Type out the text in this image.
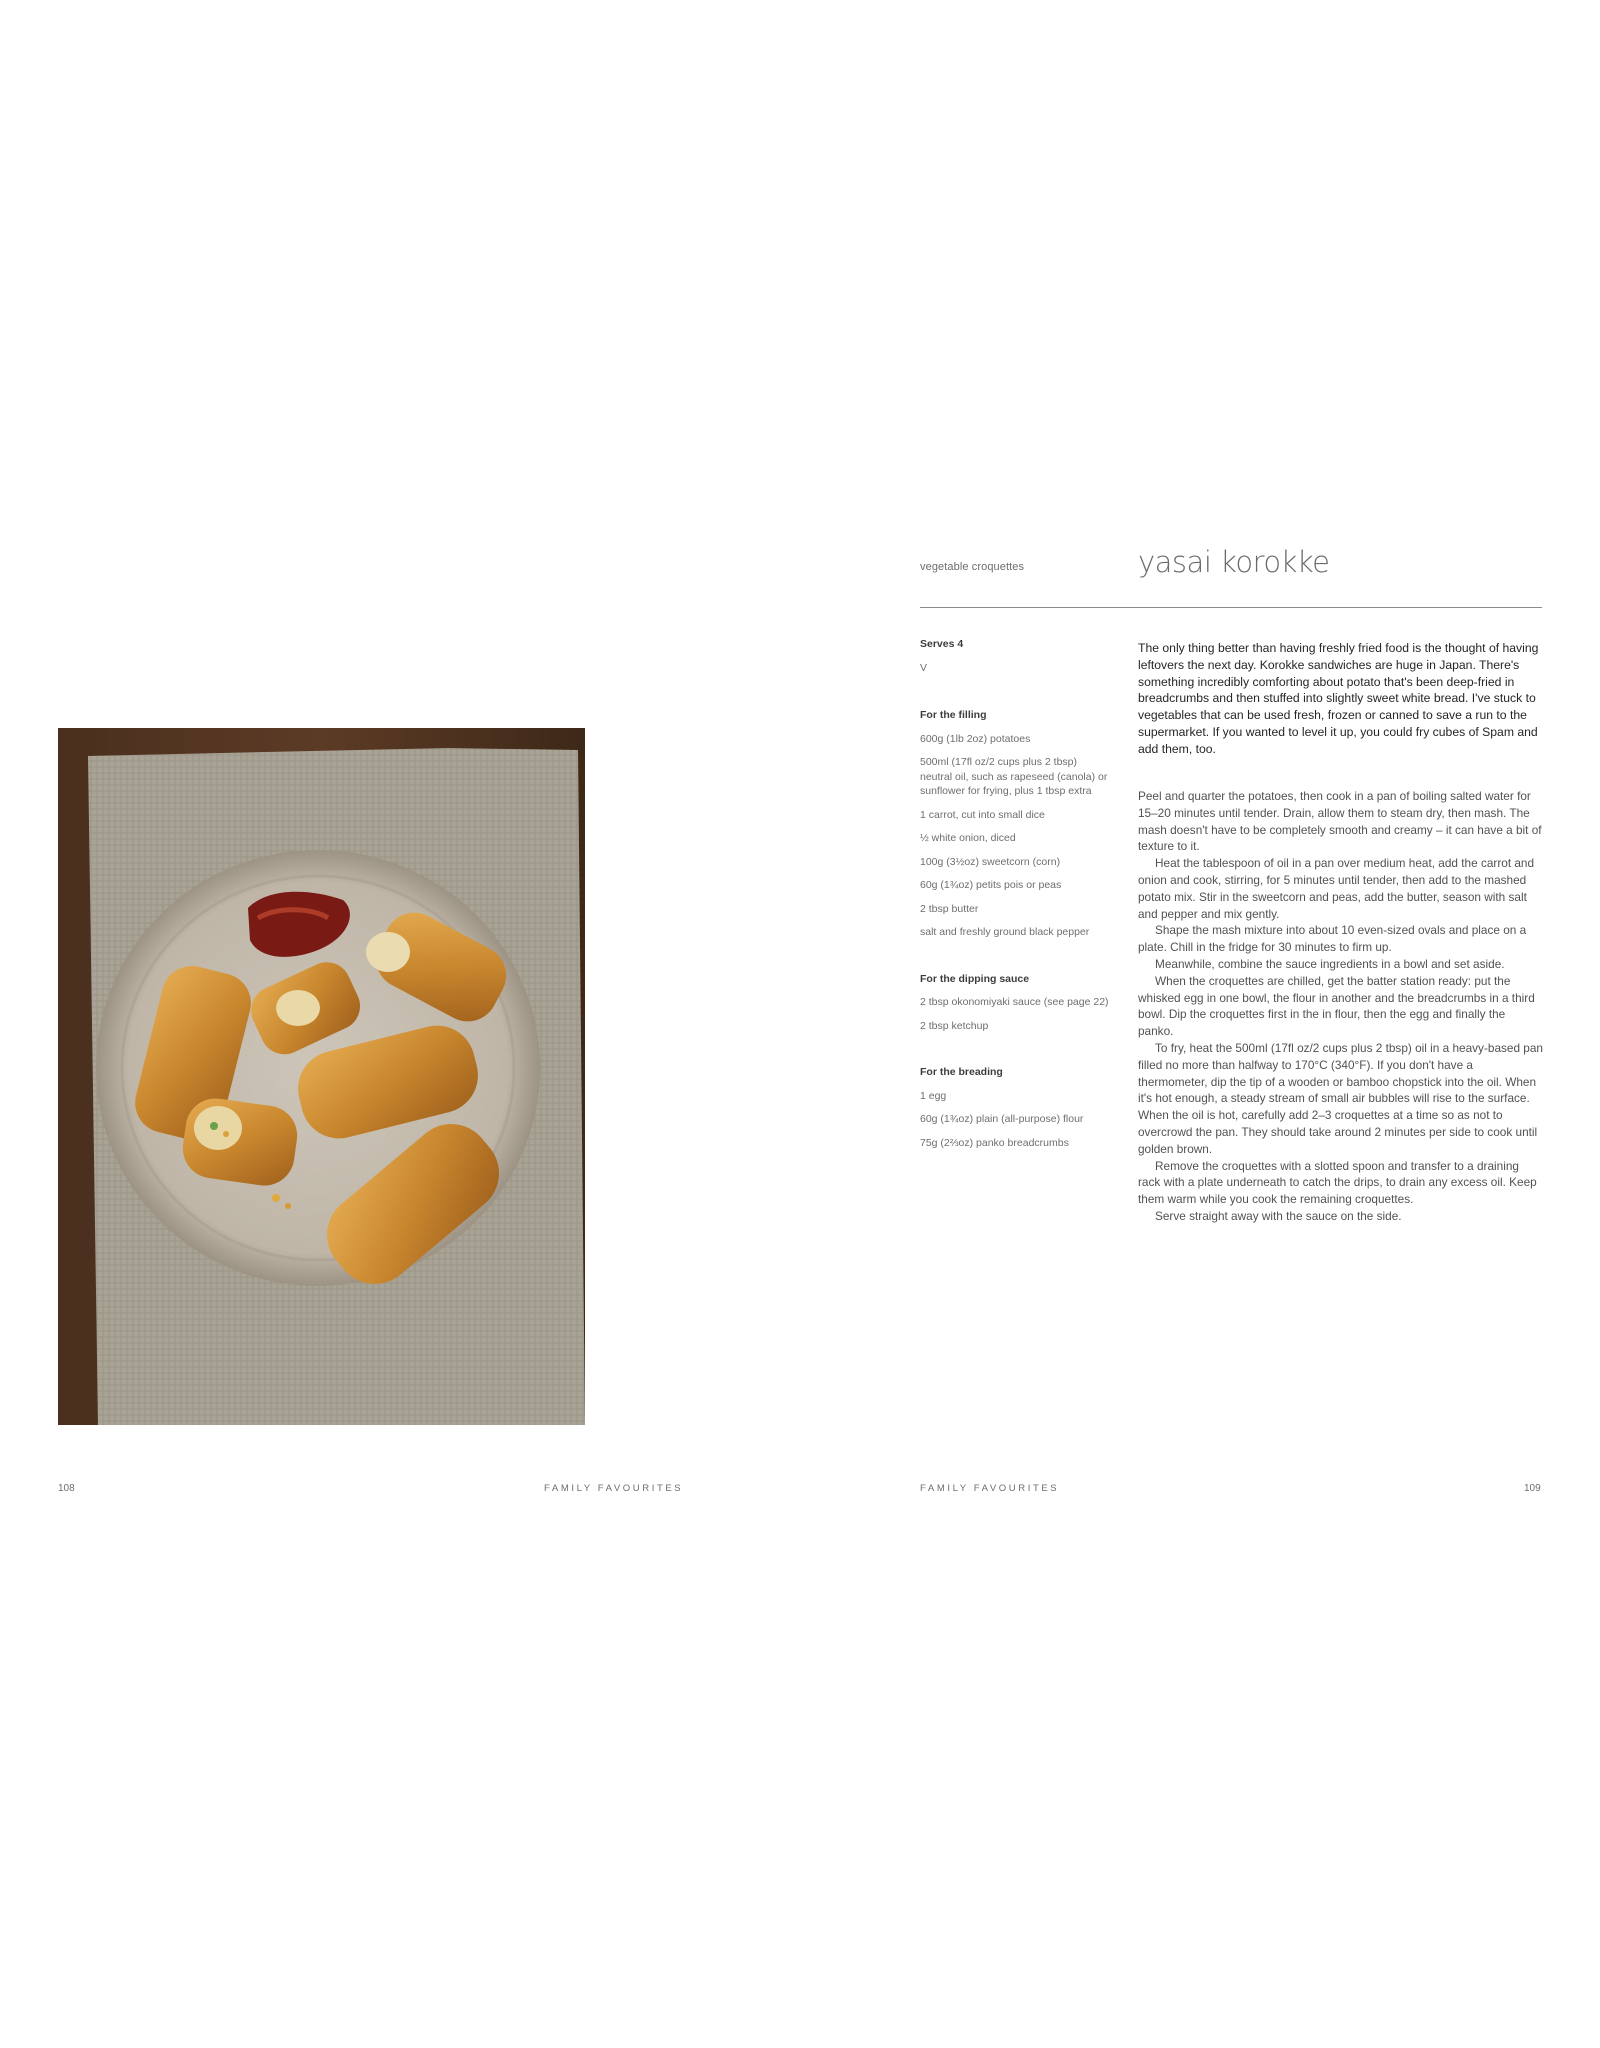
108	FAMILY FAVOURITES
vegetable croquettes	yasai korokke
Serves 4
V
For the filling
600g (1lb 2oz) potatoes
500ml (17fl oz/2 cups plus 2 tbsp) neutral oil, such as rapeseed (canola) or sunflower for frying, plus 1 tbsp extra
1 carrot, cut into small dice
½ white onion, diced
100g (3½oz) sweetcorn (corn)
60g (1¾oz) petits pois or peas
2 tbsp butter
salt and freshly ground black pepper
For the dipping sauce
2 tbsp okonomiyaki sauce (see page 22)
2 tbsp ketchup
For the breading
1 egg
60g (1¾oz) plain (all-purpose) flour
75g (2⅔oz) panko breadcrumbs
The only thing better than having freshly fried food is the thought of having leftovers the next day. Korokke sandwiches are huge in Japan. There's something incredibly comforting about potato that's been deep-fried in breadcrumbs and then stuffed into slightly sweet white bread. I've stuck to vegetables that can be used fresh, frozen or canned to save a run to the supermarket. If you wanted to level it up, you could fry cubes of Spam and add them, too.

Peel and quarter the potatoes, then cook in a pan of boiling salted water for 15–20 minutes until tender. Drain, allow them to steam dry, then mash. The mash doesn't have to be completely smooth and creamy – it can have a bit of texture to it.

Heat the tablespoon of oil in a pan over medium heat, add the carrot and onion and cook, stirring, for 5 minutes until tender, then add to the mashed potato mix. Stir in the sweetcorn and peas, add the butter, season with salt and pepper and mix gently.

Shape the mash mixture into about 10 even-sized ovals and place on a plate. Chill in the fridge for 30 minutes to firm up.

Meanwhile, combine the sauce ingredients in a bowl and set aside.

When the croquettes are chilled, get the batter station ready: put the whisked egg in one bowl, the flour in another and the breadcrumbs in a third bowl. Dip the croquettes first in the in flour, then the egg and finally the panko.

To fry, heat the 500ml (17fl oz/2 cups plus 2 tbsp) oil in a heavy-based pan filled no more than halfway to 170°C (340°F). If you don't have a thermometer, dip the tip of a wooden or bamboo chopstick into the oil. When it's hot enough, a steady stream of small air bubbles will rise to the surface. When the oil is hot, carefully add 2–3 croquettes at a time so as not to overcrowd the pan. They should take around 2 minutes per side to cook until golden brown.

Remove the croquettes with a slotted spoon and transfer to a draining rack with a plate underneath to catch the drips, to drain any excess oil. Keep them warm while you cook the remaining croquettes.

Serve straight away with the sauce on the side.

FAMILY FAVOURITES	109
